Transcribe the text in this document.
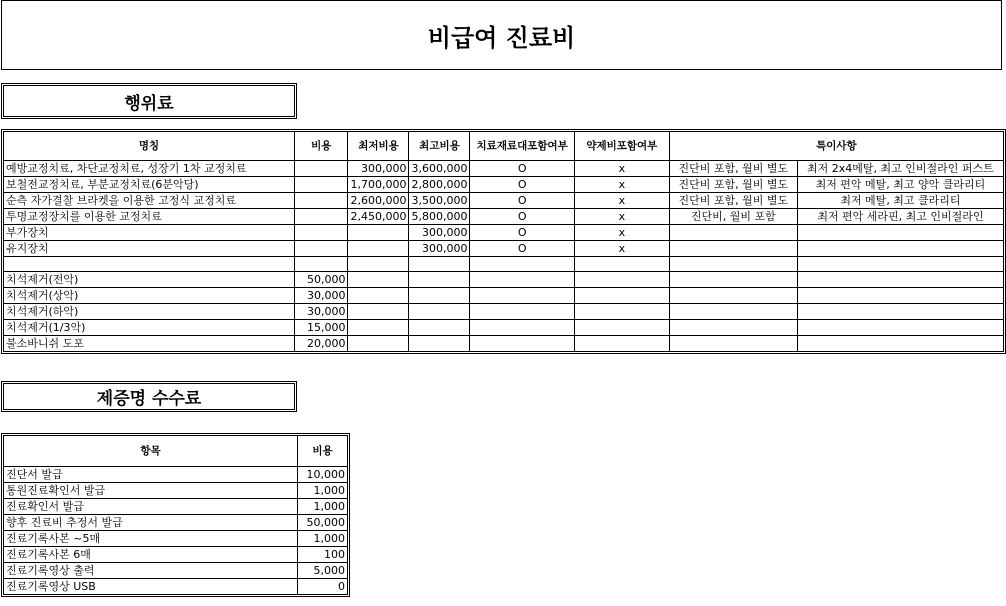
비급여 진료비
행위료
명칭	비용	최저비용	최고비용	치료재료대포함여부	약제비포함여부	특이사항	
예방교정치료, 차단교정치료, 성장기 1차 교정치료		300,000	3,600,000	O	x	진단비 포함, 월비 별도	최저 2x4메탈, 최고 인비절라인 퍼스트
보철전교정치료, 부분교정치료(6분악당)		1,700,000	2,800,000	O	x	진단비 포함, 월비 별도	최저 편악 메탈, 최고 양악 클라리티
순측 자가결찰 브라켓을 이용한 고정식 교정치료		2,600,000	3,500,000	O	x	진단비 포함, 월비 별도	최저 메탈, 최고 클라리티
투명교정장치를 이용한 교정치료		2,450,000	5,800,000	O	x	진단비, 월비 포함	최저 편악 세라핀, 최고 인비절라인
부가장치			300,000	O	x		
유지장치			300,000	O	x		

치석제거(전악)	50,000						
치석제거(상악)	30,000						
치석제거(하악)	30,000						
치석제거(1/3악)	15,000						
불소바니쉬 도포	20,000						
제증명 수수료
항목	비용
진단서 발급	10,000
통원진료확인서 발급	1,000
진료확인서 발급	1,000
향후 진료비 추정서 발급	50,000
진료기록사본 ~5매	1,000
진료기록사본 6매	100
진료기록영상 출력	5,000
진료기록영상 USB	0
